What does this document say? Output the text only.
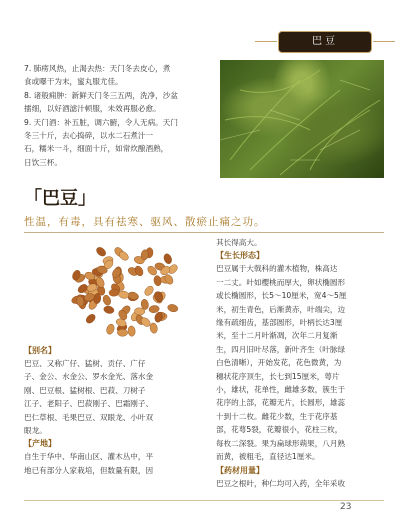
巴豆
7. 肺痨风热，止渴去热：天门冬去皮心，煮
食或曝干为末，蜜丸服尤佳。
8. 诸般痈肿：新鲜天门冬三五两，洗净，沙盆
擂细，以好酒滤汁顿服，未效再服必愈。
9. 天门酒：补五脏，调六腑，令人无病。天门
冬三十斤，去心捣碎，以水二石煮汁一
石，糯米一斗，细面十斤，如常炊酿酒熟，
日饮三杯。
「巴豆」
性温，有毒，具有祛寒、驱风、散瘀止痛之功。
【别名】
巴豆、又称广仔、猛树、贡仔、广仔
子、金公、水金公、罗水金光、落水金
刚、巴豆根、猛树根、巴菽、刀树子
江子、老阳子、巴菽刚子、巴霜刚子、
巴仁草根、毛果巴豆、双眼龙、小叶双
眼龙。
【产地】
自生于华中、华南山区、灌木丛中，平
地已有部分人家栽培，但数量有限，因
其长得高大。
【生长形态】
巴豆属于大戟科的灌木植物，株高达
一二丈。叶如樱桃而厚大，卵状椭圆形
或长椭圆形，长5～10厘米，宽4～5厘
米，初生青色，后渐黄赤，叶端尖，边
缘有疏细齿，基部圆形，叶柄长达3厘
米，至十二月叶渐凋，次年二月复渐
生，四月旧叶尽落，新叶齐生（叶脉绿
白色清晰），开始发花，花色微黄，为
穗状花序顶生，长七到15厘米，萼片
小，雄状，花单性，雌雄多数，簇生于
花序的上部，花瓣无片，长圆形，雄蕊
十到十二枚。雌花少数，生于花序基
部，花萼5裂，花瓣很小，花柱三枚，
每枚二深裂。果为扁球形蒴果，八月熟
而黄，被粗毛，直径达1厘米。
【药材用量】
巴豆之根叶，种仁均可入药，全年采收
23
